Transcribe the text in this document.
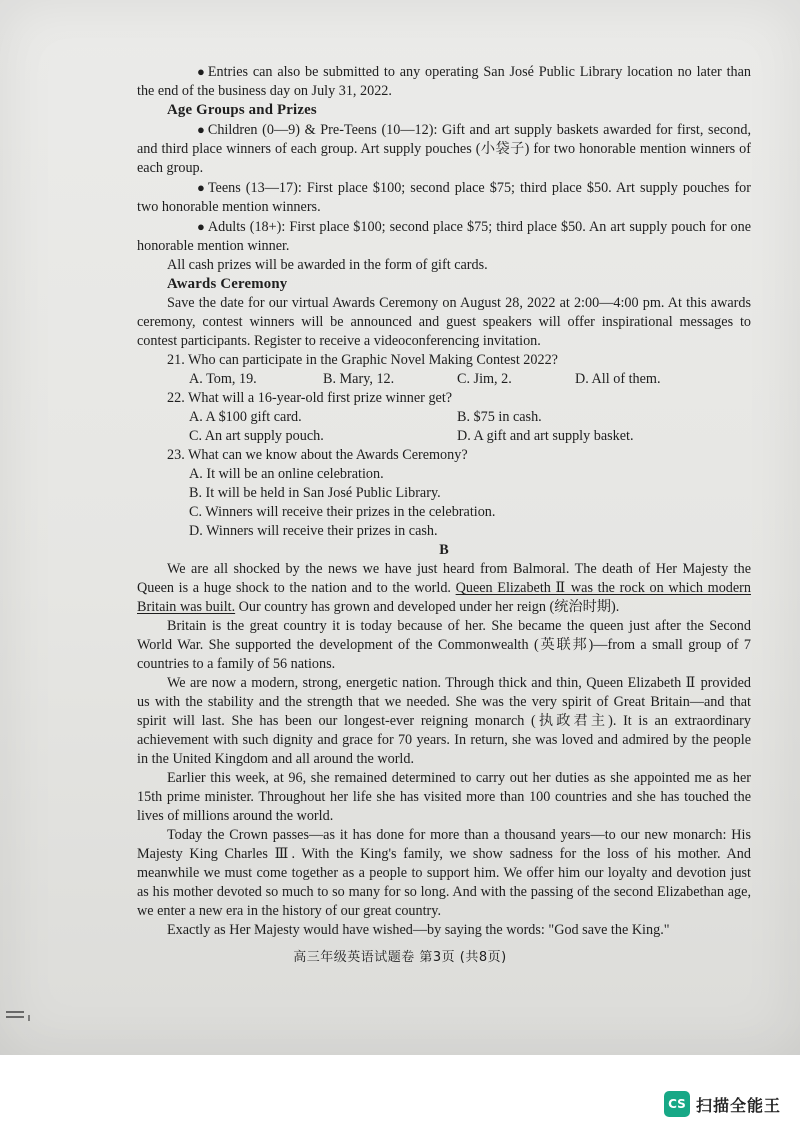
● Entries can also be submitted to any operating San José Public Library location no later than the end of the business day on July 31, 2022.

Age Groups and Prizes

● Children (0—9) & Pre-Teens (10—12): Gift and art supply baskets awarded for first, second, and third place winners of each group. Art supply pouches (小袋子) for two honorable mention winners of each group.

● Teens (13—17): First place $100; second place $75; third place $50. Art supply pouches for two honorable mention winners.

● Adults (18+): First place $100; second place $75; third place $50. An art supply pouch for one honorable mention winner.

All cash prizes will be awarded in the form of gift cards.

Awards Ceremony

Save the date for our virtual Awards Ceremony on August 28, 2022 at 2:00—4:00 pm. At this awards ceremony, contest winners will be announced and guest speakers will offer inspirational messages to contest participants. Register to receive a videoconferencing invitation.

21. Who can participate in the Graphic Novel Making Contest 2022?

A. Tom, 19.	B. Mary, 12.	C. Jim, 2.	D. All of them.

22. What will a 16-year-old first prize winner get?

A. A $100 gift card.	B. $75 in cash.
C. An art supply pouch.	D. A gift and art supply basket.

23. What can we know about the Awards Ceremony?

A. It will be an online celebration.
B. It will be held in San José Public Library.
C. Winners will receive their prizes in the celebration.
D. Winners will receive their prizes in cash.

B

We are all shocked by the news we have just heard from Balmoral. The death of Her Majesty the Queen is a huge shock to the nation and to the world. Queen Elizabeth Ⅱ was the rock on which modern Britain was built. Our country has grown and developed under her reign (统治时期).

Britain is the great country it is today because of her. She became the queen just after the Second World War. She supported the development of the Commonwealth (英联邦)—from a small group of 7 countries to a family of 56 nations.

We are now a modern, strong, energetic nation. Through thick and thin, Queen Elizabeth Ⅱ provided us with the stability and the strength that we needed. She was the very spirit of Great Britain—and that spirit will last. She has been our longest-ever reigning monarch (执政君主). It is an extraordinary achievement with such dignity and grace for 70 years. In return, she was loved and admired by the people in the United Kingdom and all around the world.

Earlier this week, at 96, she remained determined to carry out her duties as she appointed me as her 15th prime minister. Throughout her life she has visited more than 100 countries and she has touched the lives of millions around the world.

Today the Crown passes—as it has done for more than a thousand years—to our new monarch: His Majesty King Charles Ⅲ. With the King's family, we show sadness for the loss of his mother. And meanwhile we must come together as a people to support him. We offer him our loyalty and devotion just as his mother devoted so much to so many for so long. And with the passing of the second Elizabethan age, we enter a new era in the history of our great country.

Exactly as Her Majesty would have wished—by saying the words: "God save the King."

高三年级英语试题卷 第3页 (共8页)
CS 扫描全能王
